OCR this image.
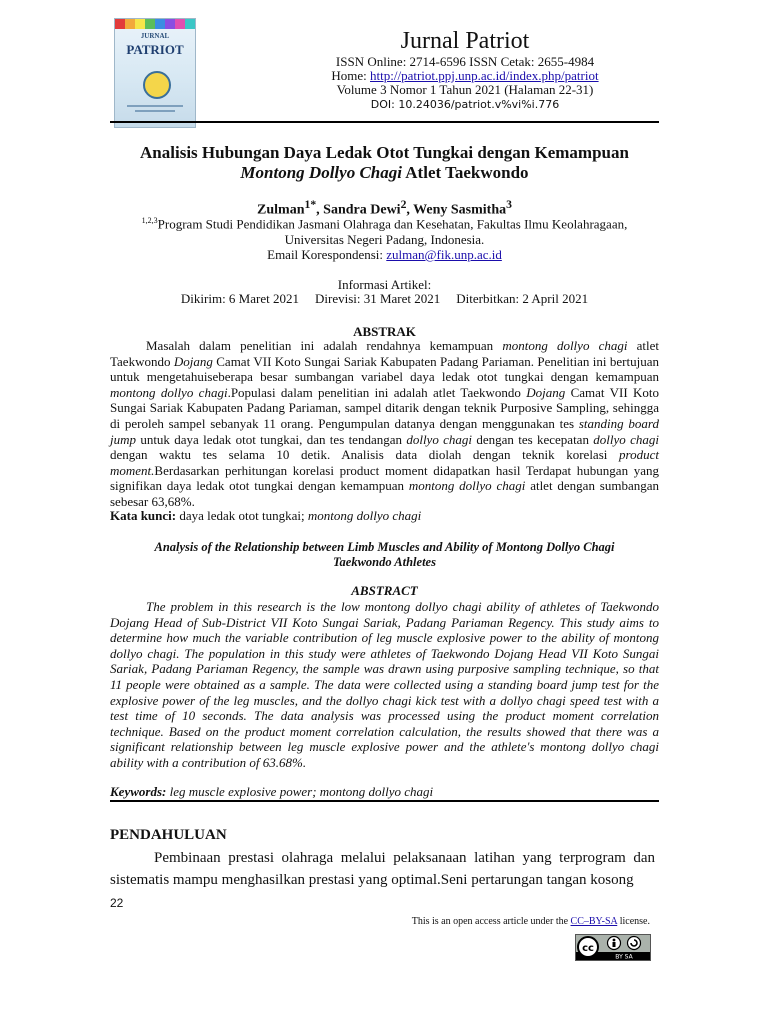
JURNAL
PATRIOT	Jurnal Patriot
ISSN Online: 2714-6596 ISSN Cetak: 2655-4984
Home: http://patriot.ppj.unp.ac.id/index.php/patriot
Volume 3 Nomor 1 Tahun 2021 (Halaman 22-31)
DOI: 10.24036/patriot.v%vi%i.776
Analisis Hubungan Daya Ledak Otot Tungkai dengan Kemampuan
Montong Dollyo Chagi Atlet Taekwondo
Zulman$^{1*}$, Sandra Dewi$^2$, Weny Sasmitha$^3$
$^{1,2,3}$Program Studi Pendidikan Jasmani Olahraga dan Kesehatan, Fakultas Ilmu Keolahragaan,
Universitas Negeri Padang, Indonesia.
Email Korespondensi: zulman@fik.unp.ac.id
Informasi Artikel:
Dikirim: 6 Maret 2021 Direvisi: 31 Maret 2021 Diterbitkan: 2 April 2021
ABSTRAK
Masalah dalam penelitian ini adalah rendahnya kemampuan montong dollyo chagi atlet Taekwondo Dojang Camat VII Koto Sungai Sariak Kabupaten Padang Pariaman. Penelitian ini bertujuan untuk mengetahuiseberapa besar sumbangan variabel daya ledak otot tungkai dengan kemampuan montong dollyo chagi.Populasi dalam penelitian ini adalah atlet Taekwondo Dojang Camat VII Koto Sungai Sariak Kabupaten Padang Pariaman, sampel ditarik dengan teknik Purposive Sampling, sehingga di peroleh sampel sebanyak 11 orang. Pengumpulan datanya dengan menggunakan tes standing board jump untuk daya ledak otot tungkai, dan tes tendangan dollyo chagi dengan tes kecepatan dollyo chagi dengan waktu tes selama 10 detik. Analisis data diolah dengan teknik korelasi product moment.Berdasarkan perhitungan korelasi product moment didapatkan hasil Terdapat hubungan yang signifikan daya ledak otot tungkai dengan kemampuan montong dollyo chagi atlet dengan sumbangan sebesar 63,68%.
Kata kunci: daya ledak otot tungkai; montong dollyo chagi
Analysis of the Relationship between Limb Muscles and Ability of Montong Dollyo Chagi
Taekwondo Athletes
ABSTRACT
The problem in this research is the low montong dollyo chagi ability of athletes of Taekwondo Dojang Head of Sub-District VII Koto Sungai Sariak, Padang Pariaman Regency. This study aims to determine how much the variable contribution of leg muscle explosive power to the ability of montong dollyo chagi. The population in this study were athletes of Taekwondo Dojang Head VII Koto Sungai Sariak, Padang Pariaman Regency, the sample was drawn using purposive sampling technique, so that 11 people were obtained as a sample. The data were collected using a standing board jump test for the explosive power of the leg muscles, and the dollyo chagi kick test with a dollyo chagi speed test with a test time of 10 seconds. The data analysis was processed using the product moment correlation technique. Based on the product moment correlation calculation, the results showed that there was a significant relationship between leg muscle explosive power and the athlete's montong dollyo chagi ability with a contribution of 63.68%.
Keywords: leg muscle explosive power; montong dollyo chagi
PENDAHULUAN
Pembinaan prestasi olahraga melalui pelaksanaan latihan yang terprogram dan sistematis mampu menghasilkan prestasi yang optimal.Seni pertarungan tangan kosong
22
This is an open access article under the CC–BY-SA license.
cc
BY SA
